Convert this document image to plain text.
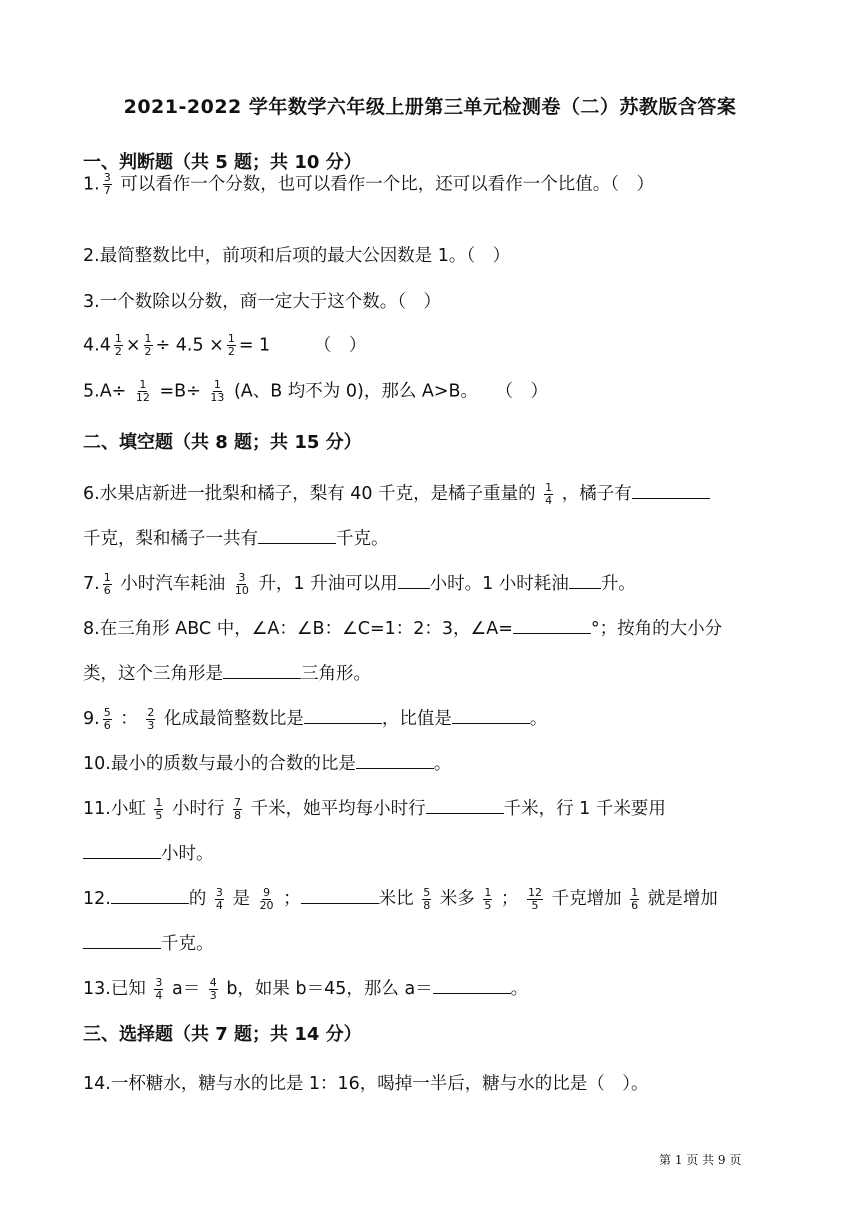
2021-2022 学年数学六年级上册第三单元检测卷（二）苏教版含答案
一、判断题（共 5 题；共 10 分）
1. $\frac{3}{7}$ 可以看作一个分数，也可以看作一个比，还可以看作一个比值。（　）
2.最简整数比中，前项和后项的最大公因数是 1。（　）
3.一个数除以分数，商一定大于这个数。（　）
$4.4 \frac{1}{2} \times \frac{1}{2} \div 4.5 \times \frac{1}{2} = 1$　　　（　）
$5.A\div \frac{1}{12} =B\div \frac{1}{13} (A$、B 均不为 0)，那么 A>B。　　（　）
二、填空题（共 8 题；共 15 分）
6.水果店新进一批梨和橘子，梨有 40 千克，是橘子重量的 $\frac{1}{4}$ ，橘子有
千克，梨和橘子一共有	千克。
7. $\frac{1}{6}$ 小时汽车耗油 $\frac{3}{10}$ 升，1 升油可以用 小时。1 小时耗油 升。
8.在三角形 ABC 中，∠A：∠B：∠C=1：2：3，∠A=	°；按角的大小分
类，这个三角形是	三角形。
9. $\frac{5}{6}$ ： $\frac{2}{3}$ 化成最简整数比是	，比值是	。
10.最小的质数与最小的合数的比是	。
11.小虹 $\frac{1}{5}$ 小时行 $\frac{7}{8}$ 千米，她平均每小时行	千米，行 1 千米要用
小时。
12.	的 $\frac{3}{4}$ 是 $\frac{9}{20}$ ；	米比 $\frac{5}{8}$ 米多 $\frac{1}{5}$ ； $\frac{12}{5}$ 千克增加 $\frac{1}{6}$ 就是增加
千克。
13.已知 $\frac{3}{4} a= \frac{4}{3}$ b，如果 b＝45，那么 a＝	。
三、选择题（共 7 题；共 14 分）
14.一杯糖水，糖与水的比是 1：16，喝掉一半后，糖与水的比是（　）。
第 1 页 共 9 页
